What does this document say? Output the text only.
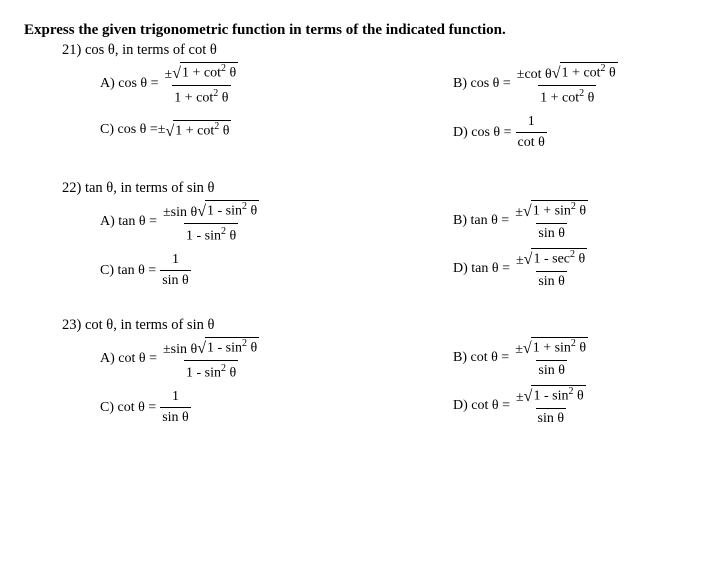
Express the given trigonometric function in terms of the indicated function.
21) cos θ, in terms of cot θ
A) $\cos \theta = \frac{\pm √ 1 + \cot^2 \theta}{1 + \cot^2 \theta}$	B) $\cos \theta = \frac{\pm\cot \theta √ 1 + \cot^2 \theta}{1 + \cot^2 \theta}$
C) cos θ = ± √ $1 + \cot^2 \theta$	D) $\cos \theta = \frac{1}{\text{cot θ}}$
22) tan θ, in terms of sin θ
A) $\tan \theta = \frac{\pm\sin \theta √ 1 - \sin^2 \theta}{1 - \sin^2 \theta}$	B) $\tan \theta = \frac{\pm √ 1 + \sin^2 \theta}{\text{sin θ}}$
C) $\tan \theta = \frac{1}{\text{sin θ}}$	D) $\tan \theta = \frac{\pm √ 1 - \sec^2 \theta}{\text{sin θ}}$
23) cot θ, in terms of sin θ
A) $\cot \theta = \frac{\pm\sin \theta √ 1 - \sin^2 \theta}{1 - \sin^2 \theta}$	B) $\cot \theta = \frac{\pm √ 1 + \sin^2 \theta}{\text{sin θ}}$
C) $\cot \theta = \frac{1}{\text{sin θ}}$	D) $\cot \theta = \frac{\pm √ 1 - \sin^2 \theta}{\text{sin θ}}$
